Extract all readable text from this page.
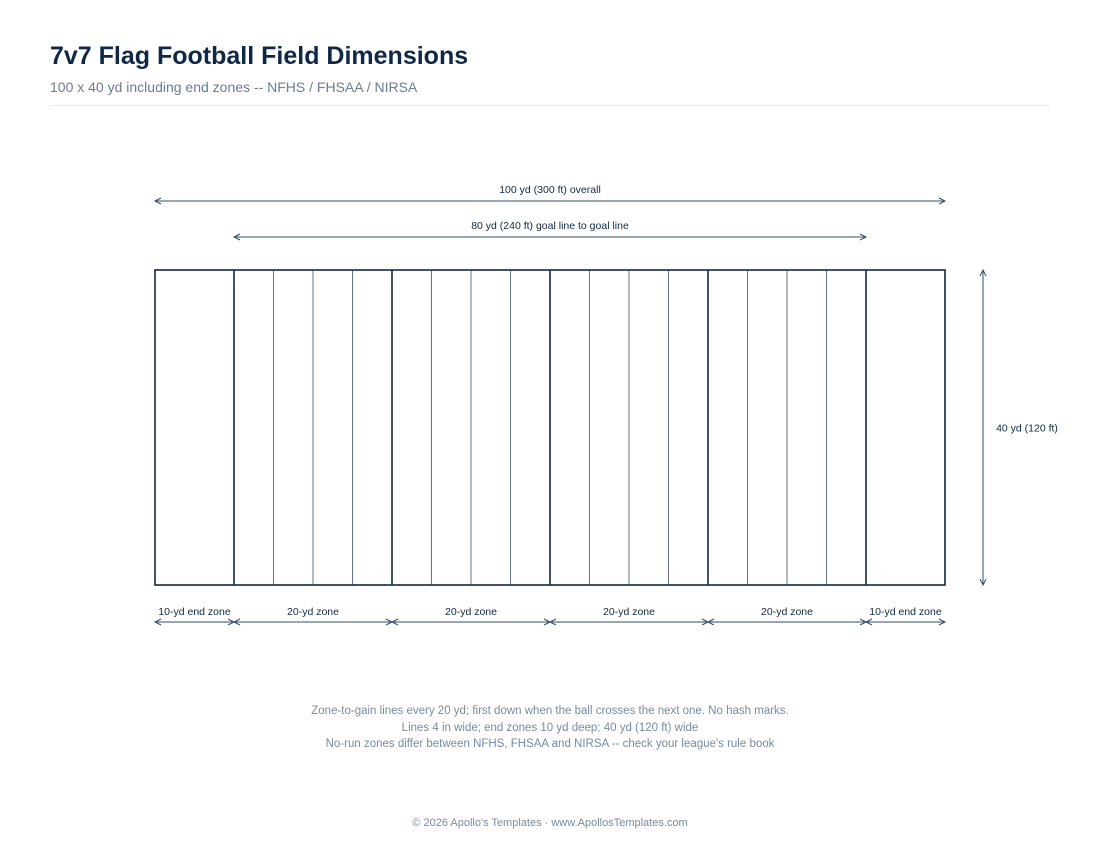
7v7 Flag Football Field Dimensions
100 x 40 yd including end zones -- NFHS / FHSAA / NIRSA
100 yd (300 ft) overall
80 yd (240 ft) goal line to goal line
40 yd (120 ft)
10-yd end zone	20-yd zone	20-yd zone	20-yd zone	20-yd zone	10-yd end zone
Zone-to-gain lines every 20 yd; first down when the ball crosses the next one. No hash marks.
Lines 4 in wide; end zones 10 yd deep; 40 yd (120 ft) wide
No-run zones differ between NFHS, FHSAA and NIRSA -- check your league's rule book
© 2026 Apollo's Templates · www.ApollosTemplates.com
